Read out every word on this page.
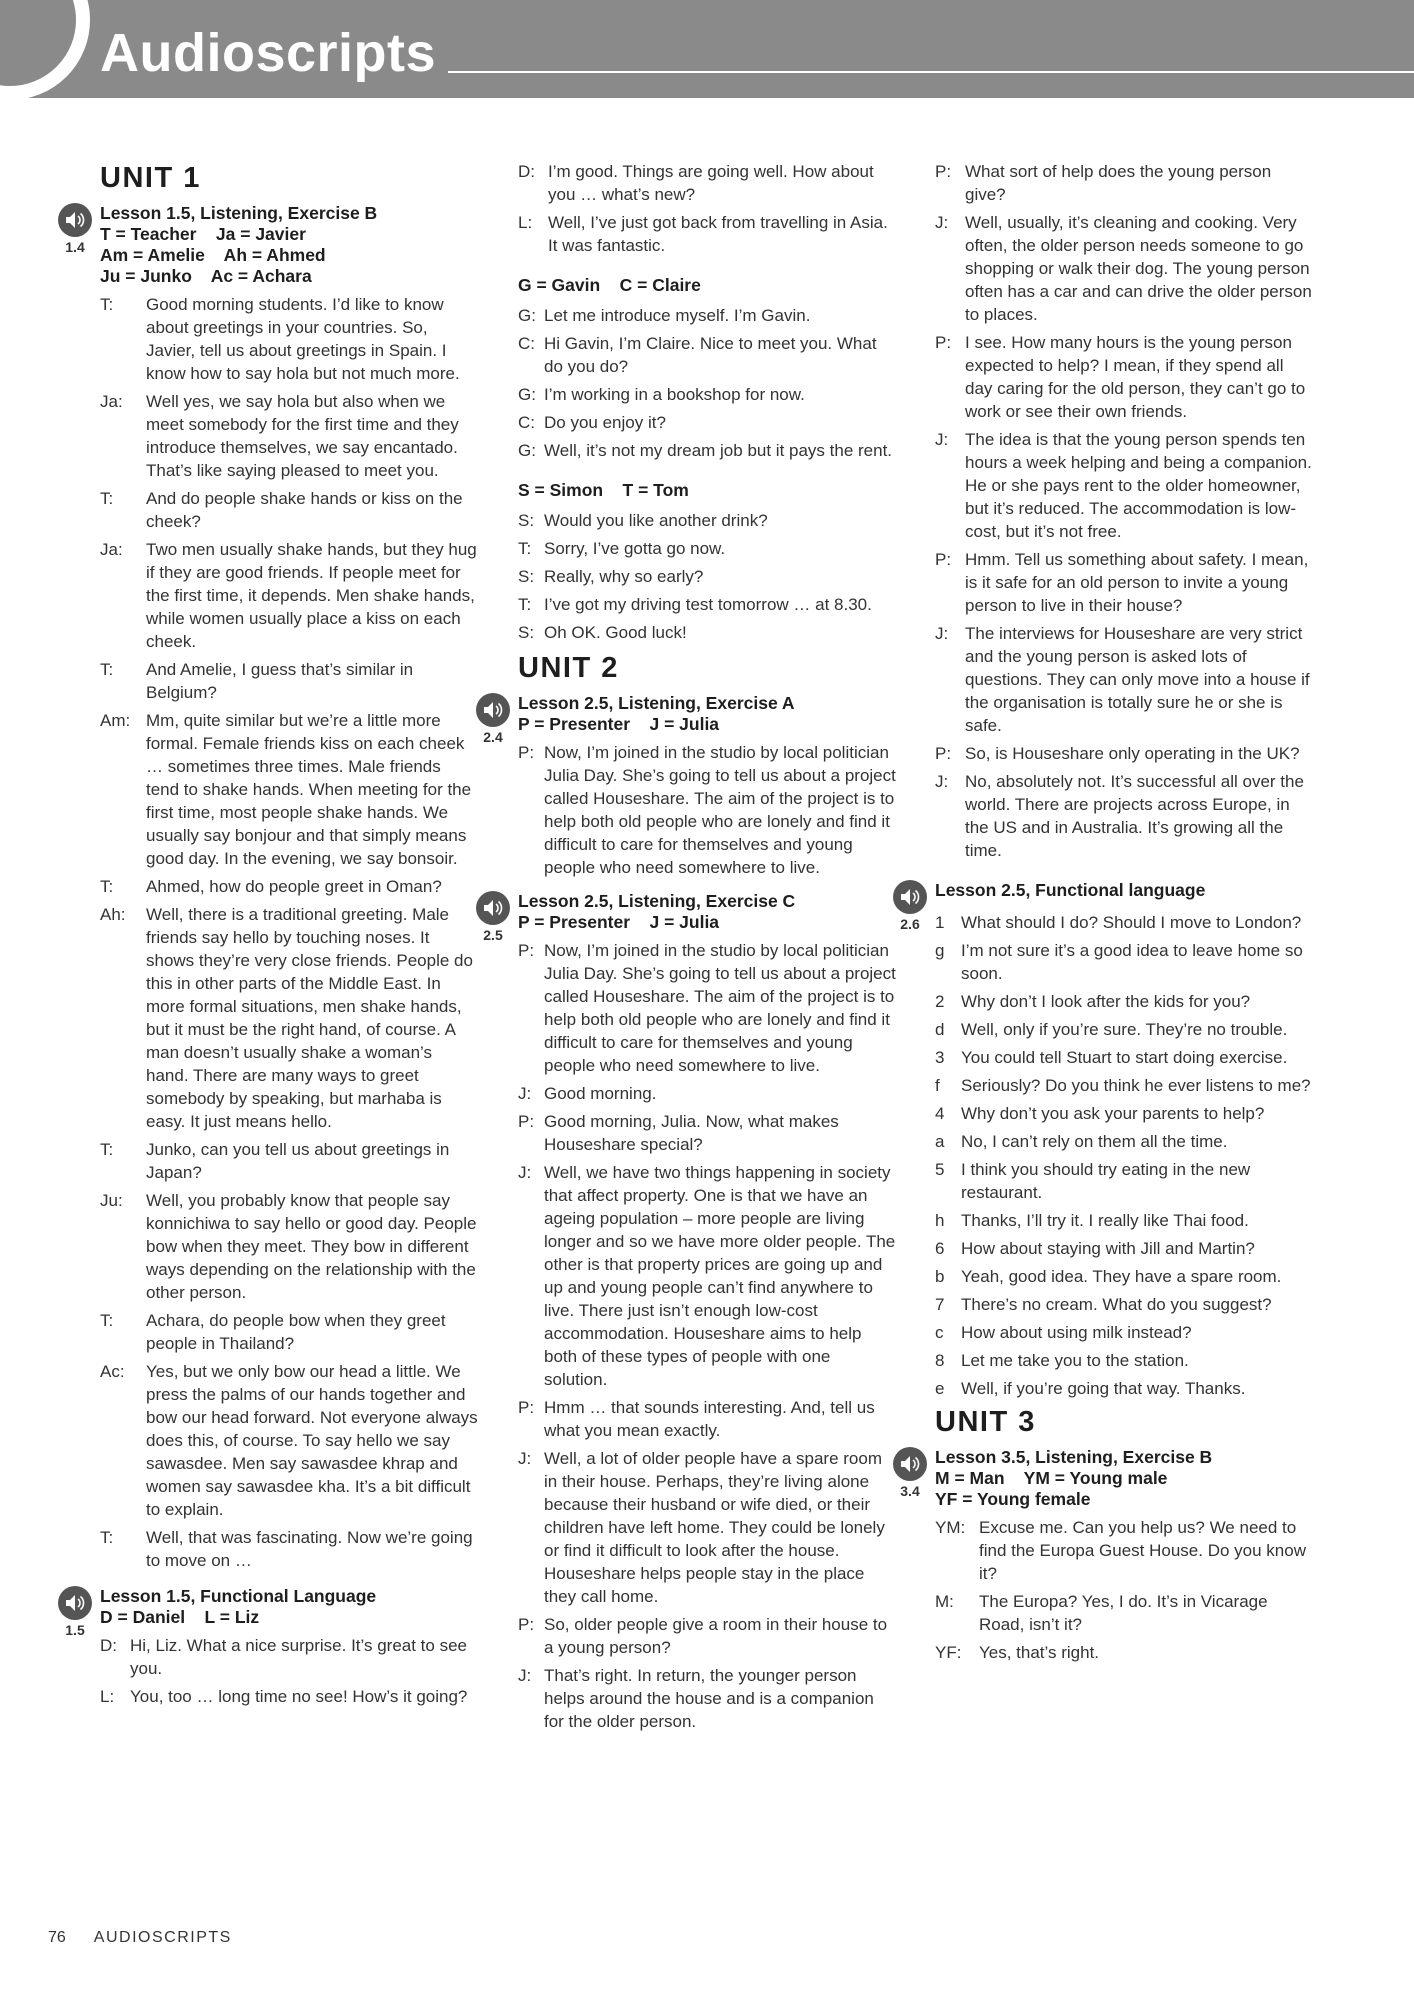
Audioscripts
UNIT 1
1.4
Lesson 1.5, Listening, Exercise B
T = Teacher    Ja = Javier
Am = Amelie    Ah = Ahmed
Ju = Junko    Ac = Achara
T:	Good morning students. I’d like to know about greetings in your countries. So, Javier, tell us about greetings in Spain. I know how to say hola but not much more.
Ja:	Well yes, we say hola but also when we meet somebody for the first time and they introduce themselves, we say encantado. That’s like saying pleased to meet you.
T:	And do people shake hands or kiss on the cheek?
Ja:	Two men usually shake hands, but they hug if they are good friends. If people meet for the first time, it depends. Men shake hands, while women usually place a kiss on each cheek.
T:	And Amelie, I guess that’s similar in Belgium?
Am: Mm, quite similar but we’re a little more formal. Female friends kiss on each cheek … sometimes three times. Male friends tend to shake hands. When meeting for the first time, most people shake hands. We usually say bonjour and that simply means good day. In the evening, we say bonsoir.
T:	Ahmed, how do people greet in Oman?
Ah:	Well, there is a traditional greeting. Male friends say hello by touching noses. It shows they’re very close friends. People do this in other parts of the Middle East. In more formal situations, men shake hands, but it must be the right hand, of course. A man doesn’t usually shake a woman’s hand. There are many ways to greet somebody by speaking, but marhaba is easy. It just means hello.
T:	Junko, can you tell us about greetings in Japan?
Ju:	Well, you probably know that people say konnichiwa to say hello or good day. People bow when they meet. They bow in different ways depending on the relationship with the other person.
T:	Achara, do people bow when they greet people in Thailand?
Ac:	Yes, but we only bow our head a little. We press the palms of our hands together and bow our head forward. Not everyone always does this, of course. To say hello we say sawasdee. Men say sawasdee khrap and women say sawasdee kha. It’s a bit difficult to explain.
T:	Well, that was fascinating. Now we’re going to move on …
1.5
Lesson 1.5, Functional Language
D = Daniel    L = Liz
D: Hi, Liz. What a nice surprise. It’s great to see you.
L: You, too … long time no see! How’s it going?
D: I’m good. Things are going well. How about you … what’s new?
L: Well, I’ve just got back from travelling in Asia. It was fantastic.
G = Gavin    C = Claire
G: Let me introduce myself. I’m Gavin.
C: Hi Gavin, I’m Claire. Nice to meet you. What do you do?
G: I’m working in a bookshop for now.
C: Do you enjoy it?
G: Well, it’s not my dream job but it pays the rent.
S = Simon    T = Tom
S: Would you like another drink?
T: Sorry, I’ve gotta go now.
S: Really, why so early?
T: I’ve got my driving test tomorrow … at 8.30.
S: Oh OK. Good luck!
UNIT 2
2.4
Lesson 2.5, Listening, Exercise A
P = Presenter    J = Julia
P: Now, I’m joined in the studio by local politician Julia Day. She’s going to tell us about a project called Houseshare. The aim of the project is to help both old people who are lonely and find it difficult to care for themselves and young people who need somewhere to live.
2.5
Lesson 2.5, Listening, Exercise C
P = Presenter    J = Julia
P: Now, I’m joined in the studio by local politician Julia Day. She’s going to tell us about a project called Houseshare. The aim of the project is to help both old people who are lonely and find it difficult to care for themselves and young people who need somewhere to live.
J: Good morning.
P: Good morning, Julia. Now, what makes Houseshare special?
J: Well, we have two things happening in society that affect property. One is that we have an ageing population – more people are living longer and so we have more older people. The other is that property prices are going up and up and young people can’t find anywhere to live. There just isn’t enough low-cost accommodation. Houseshare aims to help both of these types of people with one solution.
P: Hmm … that sounds interesting. And, tell us what you mean exactly.
J: Well, a lot of older people have a spare room in their house. Perhaps, they’re living alone because their husband or wife died, or their children have left home. They could be lonely or find it difficult to look after the house. Houseshare helps people stay in the place they call home.
P: So, older people give a room in their house to a young person?
J: That’s right. In return, the younger person helps around the house and is a companion for the older person.
P: What sort of help does the young person give?
J: Well, usually, it’s cleaning and cooking. Very often, the older person needs someone to go shopping or walk their dog. The young person often has a car and can drive the older person to places.
P: I see. How many hours is the young person expected to help? I mean, if they spend all day caring for the old person, they can’t go to work or see their own friends.
J: The idea is that the young person spends ten hours a week helping and being a companion. He or she pays rent to the older homeowner, but it’s reduced. The accommodation is low-cost, but it’s not free.
P: Hmm. Tell us something about safety. I mean, is it safe for an old person to invite a young person to live in their house?
J: The interviews for Houseshare are very strict and the young person is asked lots of questions. They can only move into a house if the organisation is totally sure he or she is safe.
P: So, is Houseshare only operating in the UK?
J: No, absolutely not. It’s successful all over the world. There are projects across Europe, in the US and in Australia. It’s growing all the time.
2.6
Lesson 2.5, Functional language
1 What should I do? Should I move to London?
g I’m not sure it’s a good idea to leave home so soon.
2 Why don’t I look after the kids for you?
d Well, only if you’re sure. They’re no trouble.
3 You could tell Stuart to start doing exercise.
f	Seriously? Do you think he ever listens to me?
4 Why don’t you ask your parents to help?
a No, I can’t rely on them all the time.
5 I think you should try eating in the new restaurant.
h Thanks, I’ll try it. I really like Thai food.
6 How about staying with Jill and Martin?
b Yeah, good idea. They have a spare room.
7 There’s no cream. What do you suggest?
c	How about using milk instead?
8 Let me take you to the station.
e Well, if you’re going that way. Thanks.
UNIT 3
3.4
Lesson 3.5, Listening, Exercise B
M = Man    YM = Young male
YF = Young female
YM: Excuse me. Can you help us? We need to find the Europa Guest House. Do you know it?
M:	The Europa? Yes, I do. It’s in Vicarage Road, isn’t it?
YF:	Yes, that’s right.
76 AUDIOSCRIPTS
